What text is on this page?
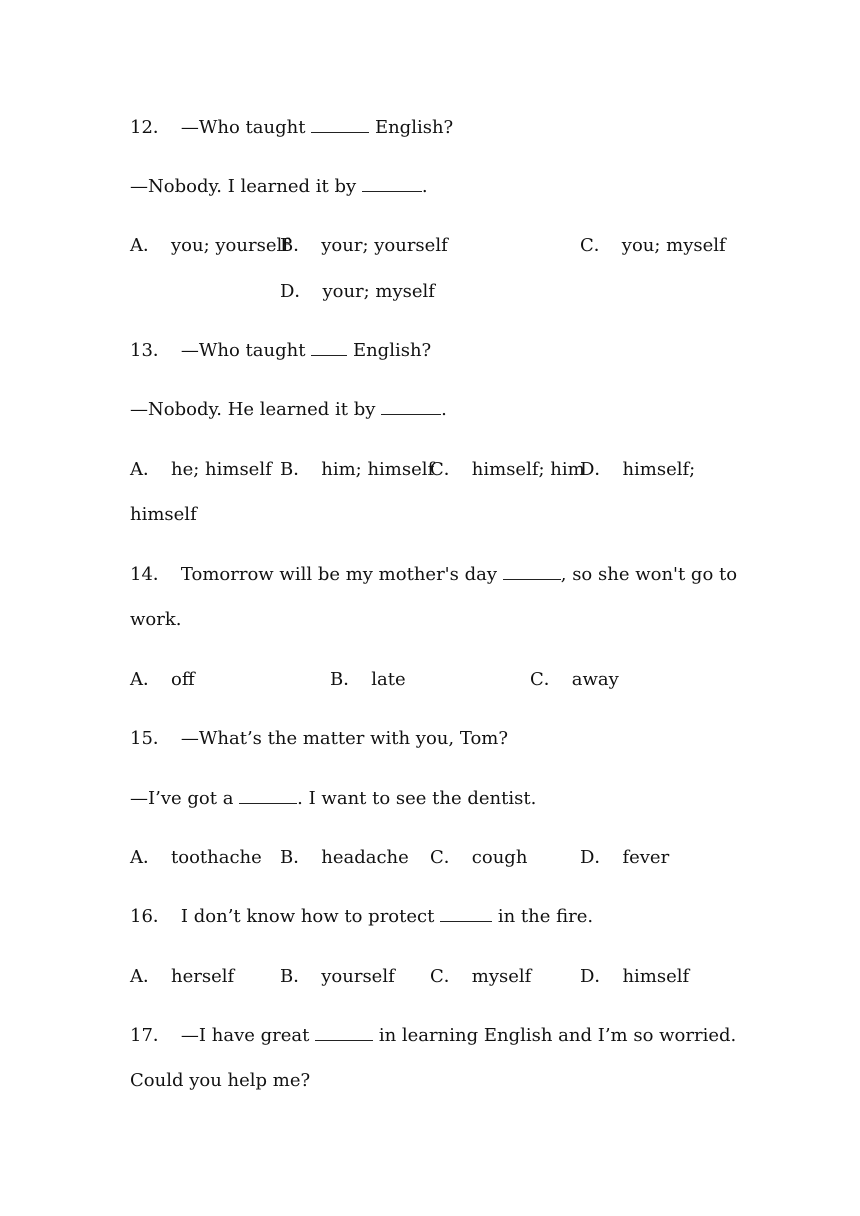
12． —Who taught	English?
—Nobody. I learned it by	.
A． you; yourself
B． your; yourself	C． you; myself
D． your; myself
13． —Who taught	English?
—Nobody. He learned it by	.
A． he; himself B． him; himself
C． himself; him
D． himself;
himself
14． Tomorrow will be my mother's day	, so she won't go to
work.
A． off	B． late	C． away
15． —What’s the matter with you, Tom?
—I’ve got a	. I want to see the dentist.
A． toothache B． headache C． cough	D． fever
16． I don’t know how to protect	in the fire.
A． herself	B． yourself C． myself	D． himself
17． —I have great	in learning English and I’m so worried.
Could you help me?
